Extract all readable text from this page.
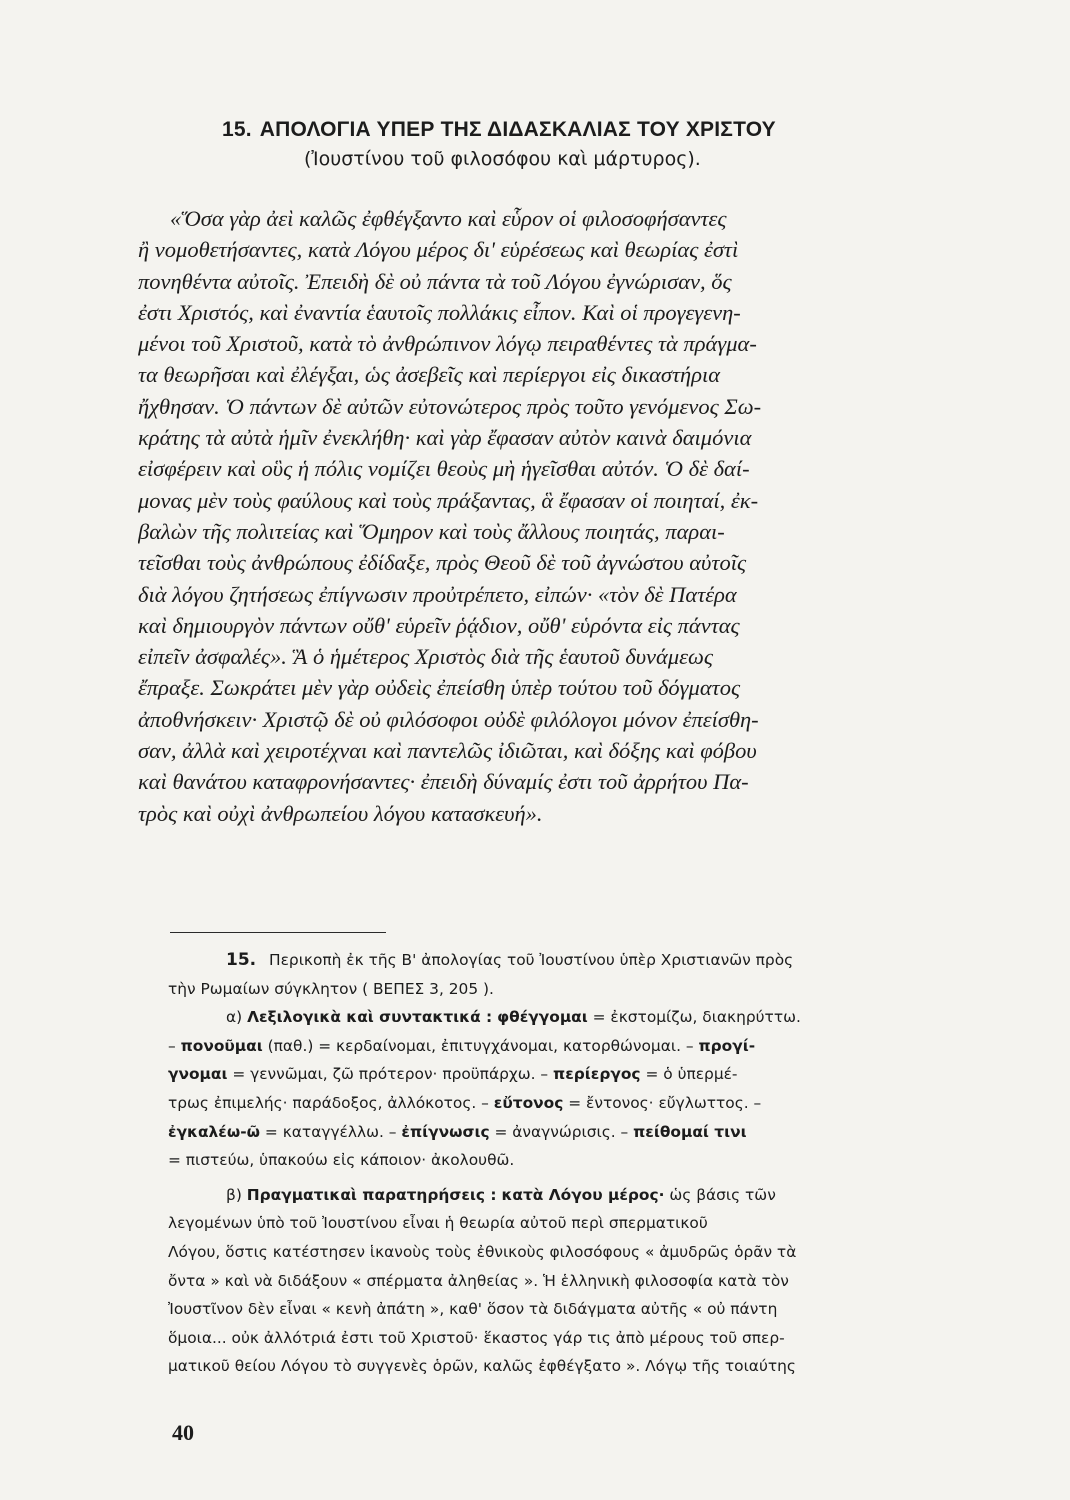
15. ΑΠΟΛΟΓΙΑ ΥΠΕΡ ΤΗΣ ΔΙΔΑΣΚΑΛΙΑΣ ΤΟΥ ΧΡΙΣΤΟΥ
(Ἰουστίνου τοῦ φιλοσόφου καὶ μάρτυρος).
«Ὅσα γὰρ ἀεὶ καλῶς ἐφθέγξαντο καὶ εὗρον οἱ φιλοσοφήσαντες
ἢ νομοθετήσαντες, κατὰ Λόγου μέρος δι' εὑρέσεως καὶ θεωρίας ἐστὶ
πονηθέντα αὐτοῖς. Ἐπειδὴ δὲ οὐ πάντα τὰ τοῦ Λόγου ἐγνώρισαν, ὅς
ἐστι Χριστός, καὶ ἐναντία ἑαυτοῖς πολλάκις εἶπον. Καὶ οἱ προγεγενη-
μένοι τοῦ Χριστοῦ, κατὰ τὸ ἀνθρώπινον λόγῳ πειραθέντες τὰ πράγμα-
τα θεωρῆσαι καὶ ἐλέγξαι, ὡς ἀσεβεῖς καὶ περίεργοι εἰς δικαστήρια
ἤχθησαν. Ὁ πάντων δὲ αὐτῶν εὐτονώτερος πρὸς τοῦτο γενόμενος Σω-
κράτης τὰ αὐτὰ ἡμῖν ἐνεκλήθη· καὶ γὰρ ἔφασαν αὐτὸν καινὰ δαιμόνια
εἰσφέρειν καὶ οὓς ἡ πόλις νομίζει θεοὺς μὴ ἡγεῖσθαι αὐτόν. Ὁ δὲ δαί-
μονας μὲν τοὺς φαύλους καὶ τοὺς πράξαντας, ἃ ἔφασαν οἱ ποιηταί, ἐκ-
βαλὼν τῆς πολιτείας καὶ Ὅμηρον καὶ τοὺς ἄλλους ποιητάς, παραι-
τεῖσθαι τοὺς ἀνθρώπους ἐδίδαξε, πρὸς Θεοῦ δὲ τοῦ ἀγνώστου αὐτοῖς
διὰ λόγου ζητήσεως ἐπίγνωσιν προὐτρέπετο, εἰπών· «τὸν δὲ Πατέρα
καὶ δημιουργὸν πάντων οὔθ' εὑρεῖν ῥᾴδιον, οὔθ' εὑρόντα εἰς πάντας
εἰπεῖν ἀσφαλές». Ἃ ὁ ἡμέτερος Χριστὸς διὰ τῆς ἑαυτοῦ δυνάμεως
ἔπραξε. Σωκράτει μὲν γὰρ οὐδεὶς ἐπείσθη ὑπὲρ τούτου τοῦ δόγματος
ἀποθνήσκειν· Χριστῷ δὲ οὐ φιλόσοφοι οὐδὲ φιλόλογοι μόνον ἐπείσθη-
σαν, ἀλλὰ καὶ χειροτέχναι καὶ παντελῶς ἰδιῶται, καὶ δόξης καὶ φόβου
καὶ θανάτου καταφρονήσαντες· ἐπειδὴ δύναμίς ἐστι τοῦ ἀρρήτου Πα-
τρὸς καὶ οὐχὶ ἀνθρωπείου λόγου κατασκευή».
15. Περικοπὴ ἐκ τῆς Β' ἀπολογίας τοῦ Ἰουστίνου ὑπὲρ Χριστιανῶν πρὸς
τὴν Ρωμαίων σύγκλητον ( ΒΕΠΕΣ 3, 205 ).
α) Λεξιλογικὰ καὶ συντακτικά : φθέγγομαι = ἐκστομίζω, διακηρύττω.
– πονοῦμαι (παθ.) = κερδαίνομαι, ἐπιτυγχάνομαι, κατορθώνομαι. – προγί-
γνομαι = γεννῶμαι, ζῶ πρότερον· προϋπάρχω. – περίεργος = ὁ ὑπερμέ-
τρως ἐπιμελής· παράδοξος, ἀλλόκοτος. – εὔτονος = ἔντονος· εὔγλωττος. –
ἐγκαλέω-ῶ = καταγγέλλω. – ἐπίγνωσις = ἀναγνώρισις. – πείθομαί τινι
= πιστεύω, ὑπακούω εἰς κάποιον· ἀκολουθῶ.
β) Πραγματικαὶ παρατηρήσεις : κατὰ Λόγου μέρος· ὡς βάσις τῶν
λεγομένων ὑπὸ τοῦ Ἰουστίνου εἶναι ἡ θεωρία αὐτοῦ περὶ σπερματικοῦ
Λόγου, ὅστις κατέστησεν ἱκανοὺς τοὺς ἐθνικοὺς φιλοσόφους « ἀμυδρῶς ὁρᾶν τὰ
ὄντα » καὶ νὰ διδάξουν « σπέρματα ἀληθείας ». Ἡ ἑλληνικὴ φιλοσοφία κατὰ τὸν
Ἰουστῖνον δὲν εἶναι « κενὴ ἀπάτη », καθ' ὅσον τὰ διδάγματα αὐτῆς « οὐ πάντη
ὅμοια... οὐκ ἀλλότριά ἐστι τοῦ Χριστοῦ· ἕκαστος γάρ τις ἀπὸ μέρους τοῦ σπερ-
ματικοῦ θείου Λόγου τὸ συγγενὲς ὁρῶν, καλῶς ἐφθέγξατο ». Λόγῳ τῆς τοιαύτης
40
